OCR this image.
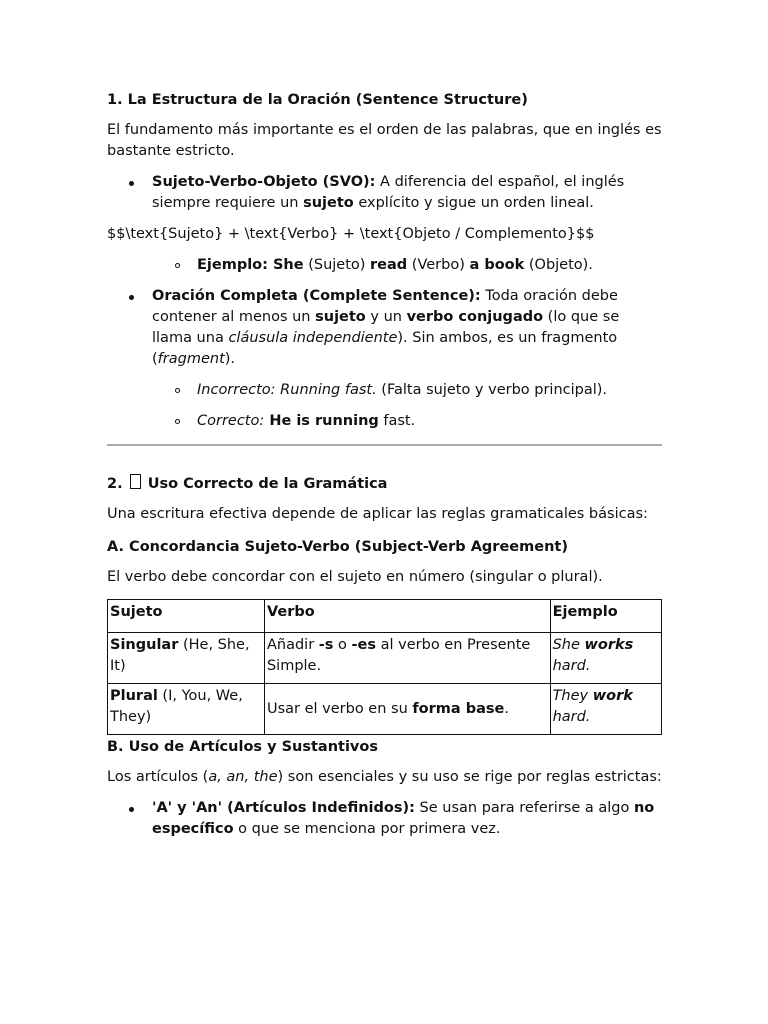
1. La Estructura de la Oración (Sentence Structure)
El fundamento más importante es el orden de las palabras, que en inglés es bastante estricto.
Sujeto-Verbo-Objeto (SVO): A diferencia del español, el inglés siempre requiere un sujeto explícito y sigue un orden lineal.
$$\text{Sujeto} + \text{Verbo} + \text{Objeto / Complemento}$$
Ejemplo: She (Sujeto) read (Verbo) a book (Objeto).
Oración Completa (Complete Sentence): Toda oración debe contener al menos un sujeto y un verbo conjugado (lo que se llama una cláusula independiente). Sin ambos, es un fragmento (fragment).
Incorrecto: Running fast. (Falta sujeto y verbo principal).
Correcto: He is running fast.
2.  Uso Correcto de la Gramática
Una escritura efectiva depende de aplicar las reglas gramaticales básicas:
A. Concordancia Sujeto-Verbo (Subject-Verb Agreement)
El verbo debe concordar con el sujeto en número (singular o plural).
Sujeto	Verbo	Ejemplo
Singular (He, She, It)	Añadir -s o -es al verbo en Presente Simple.	She works hard.
Plural (I, You, We, They)	Usar el verbo en su forma base.	They work hard.
B. Uso de Artículos y Sustantivos
Los artículos (a, an, the) son esenciales y su uso se rige por reglas estrictas:
'A' y 'An' (Artículos Indefinidos): Se usan para referirse a algo no específico o que se menciona por primera vez.
